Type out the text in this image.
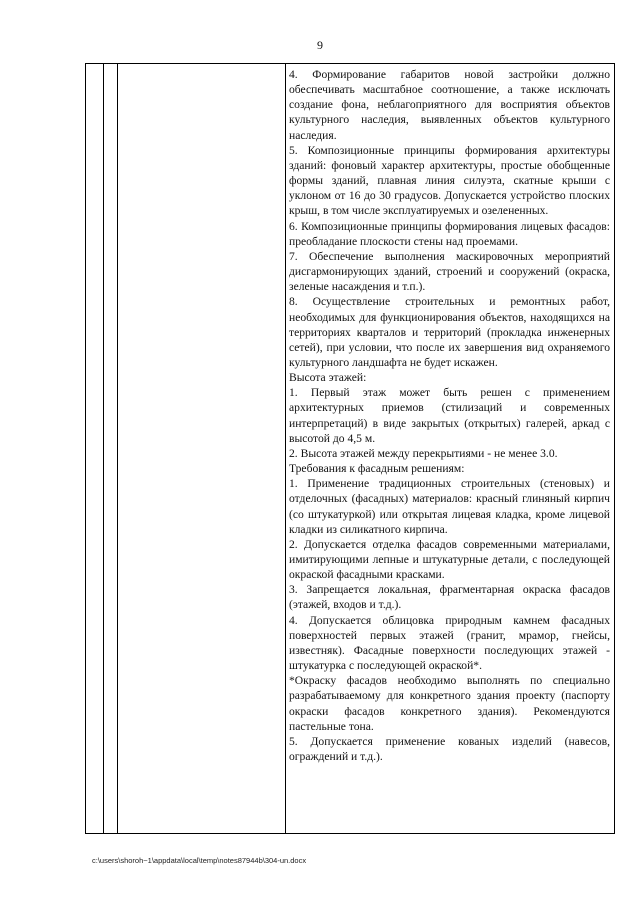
9

4. Формирование габаритов новой застройки должно обеспечивать масштабное соотношение, а также исключать создание фона, неблагоприятного для восприятия объектов культурного наследия, выявленных объектов культурного наследия.

5. Композиционные принципы формирования архитектуры зданий: фоновый характер архитектуры, простые обобщенные формы зданий, плавная линия силуэта, скатные крыши с уклоном от 16 до 30 градусов. Допускается устройство плоских крыш, в том числе эксплуатируемых и озелененных.

6. Композиционные принципы формирования лицевых фасадов: преобладание плоскости стены над проемами.

7. Обеспечение выполнения маскировочных мероприятий дисгармонирующих зданий, строений и сооружений (окраска, зеленые насаждения и т.п.).

8. Осуществление строительных и ремонтных работ, необходимых для функционирования объектов, находящихся на территориях кварталов и территорий (прокладка инженерных сетей), при условии, что после их завершения вид охраняемого культурного ландшафта не будет искажен.

Высота этажей:

1. Первый этаж может быть решен с применением архитектурных приемов (стилизаций и современных интерпретаций) в виде закрытых (открытых) галерей, аркад с высотой до 4,5 м.

2. Высота этажей между перекрытиями - не менее 3.0.

Требования к фасадным решениям:

1. Применение традиционных строительных (стеновых) и отделочных (фасадных) материалов: красный глиняный кирпич (со штукатуркой) или открытая лицевая кладка, кроме лицевой кладки из силикатного кирпича.

2. Допускается отделка фасадов современными материалами, имитирующими лепные и штукатурные детали, с последующей окраской фасадными красками.

3. Запрещается локальная, фрагментарная окраска фасадов (этажей, входов и т.д.).

4. Допускается облицовка природным камнем фасадных поверхностей первых этажей (гранит, мрамор, гнейсы, известняк). Фасадные поверхности последующих этажей - штукатурка с последующей окраской*.

*Окраску фасадов необходимо выполнять по специально разрабатываемому для конкретного здания проекту (паспорту окраски фасадов конкретного здания). Рекомендуются пастельные тона.

5. Допускается применение кованых изделий (навесов, ограждений и т.д.).

c:\users\shoroh~1\appdata\local\temp\notes87944b\304-un.docx
